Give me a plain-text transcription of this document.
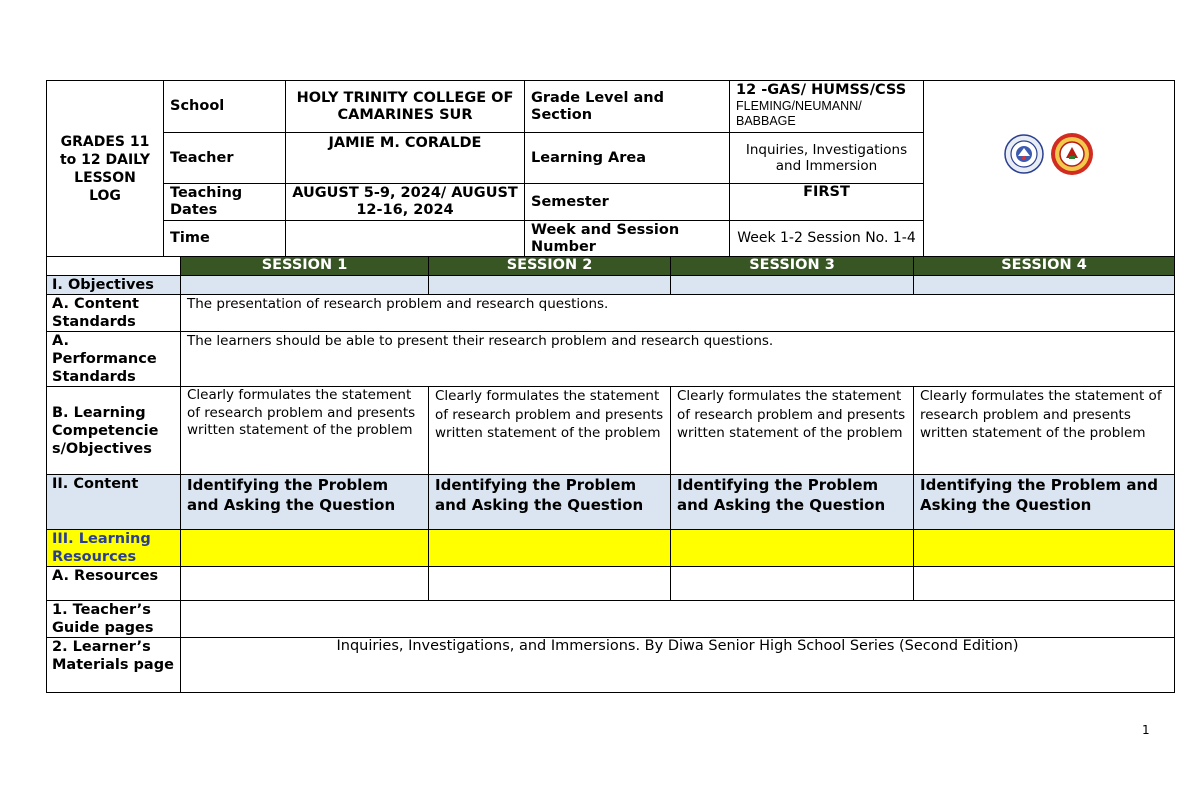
GRADES 11 to 12 DAILY LESSON LOG	School	HOLY TRINITY COLLEGE OF CAMARINES SUR	Grade Level and Section	12 -GAS/ HUMSS/CSS
FLEMING/NEUMANN/ BABBAGE

	Teacher	JAMIE M. CORALDE	Learning Area	Inquiries, Investigations and Immersion	
	Teaching Dates	AUGUST 5-9, 2024/ AUGUST 12-16, 2024	Semester	FIRST	
	Time		Week and Session Number	Week 1-2 Session No. 1-4	
	SESSION 1	SESSION 2	SESSION 3	SESSION 4
I. Objectives				
A. Content Standards	The presentation of research problem and research questions.			
A. Performance Standards	The learners should be able to present their research problem and research questions.			
B. Learning Competencie s/Objectives	Clearly formulates the statement of research problem and presents written statement of the problem	Clearly formulates the statement of research problem and presents written statement of the problem	Clearly formulates the statement of research problem and presents written statement of the problem	Clearly formulates the statement of research problem and presents written statement of the problem
II. Content	Identifying the Problem and Asking the Question	Identifying the Problem and Asking the Question	Identifying the Problem and Asking the Question	Identifying the Problem and Asking the Question
III. Learning Resources				
A. Resources				
1. Teacher’s Guide pages				
2. Learner’s Materials page	Inquiries, Investigations, and Immersions. By Diwa Senior High School Series (Second Edition)			
1
